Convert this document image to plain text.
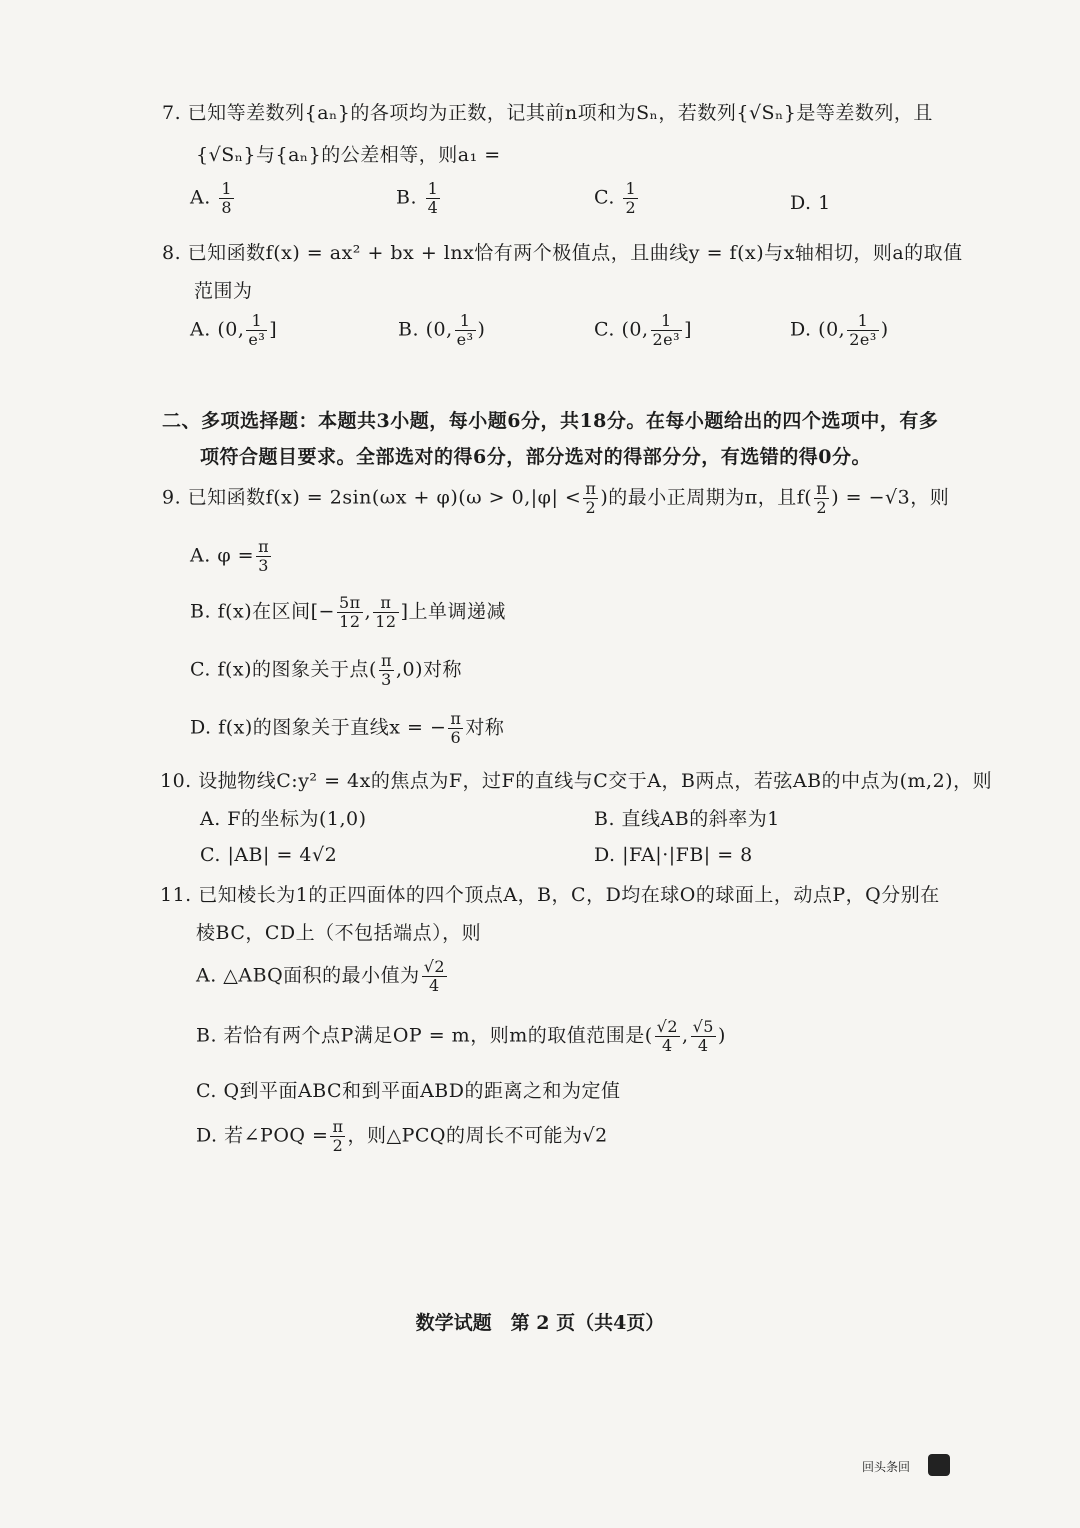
7. 已知等差数列{aₙ}的各项均为正数，记其前n项和为Sₙ，若数列{√Sₙ}是等差数列，且
{√Sₙ}与{aₙ}的公差相等，则a₁ =
A. $\frac{1}{8}$	B. $\frac{1}{4}$	C. $\frac{1}{2}$	D. 1
8. 已知函数f(x) = ax² + bx + lnx恰有两个极值点，且曲线y = f(x)与x轴相切，则a的取值
范围为
A. (0, $\frac{1}{\text{e³}}$ ]	B. (0, $\frac{1}{\text{e³}}$ )	C. (0, $\frac{1}{\text{2e³}}$ ]	D. (0, $\frac{1}{\text{2e³}}$ )
二、多项选择题：本题共3小题，每小题6分，共18分。在每小题给出的四个选项中，有多
项符合题目要求。全部选对的得6分，部分选对的得部分分，有选错的得0分。
9. 已知函数$f(x) = 2\sin(\omega x + \varphi)(\omega > 0,|\varphi| < \frac{\pi}{2}$ )的最小正周期为π，且$f( \frac{\pi}{2}$ ) = −√3，则
A. $\varphi = \frac{\pi}{3}$
B. f(x)在区间[− $\frac{5\pi}{12}$ , $\frac{\pi}{12}$ ]上单调递减
C. f(x)的图象关于点( $\frac{\pi}{3} ,0$)对称
D. f(x)的图象关于直线x = − $\frac{\pi}{6}$ 对称
10. 设抛物线C:y² = 4x的焦点为F，过F的直线与C交于A，B两点，若弦AB的中点为(m,2)，则
A. F的坐标为(1,0)	B. 直线AB的斜率为1
C. |AB| = 4√2	D. |FA|·|FB| = 8
11. 已知棱长为1的正四面体的四个顶点A，B，C，D均在球O的球面上，动点P，Q分别在
棱BC，CD上（不包括端点），则
A. △ABQ面积的最小值为 $\frac{√2}{4}$
B. 若恰有两个点P满足OP = m，则m的取值范围是( $\frac{√2}{4}$ , $\frac{√5}{4}$ )
C. Q到平面ABC和到平面ABD的距离之和为定值
D. 若∠POQ = $\frac{\pi}{2}$ ，则△PCQ的周长不可能为√2
数学试题　第 2 页（共4页）
回头条回
